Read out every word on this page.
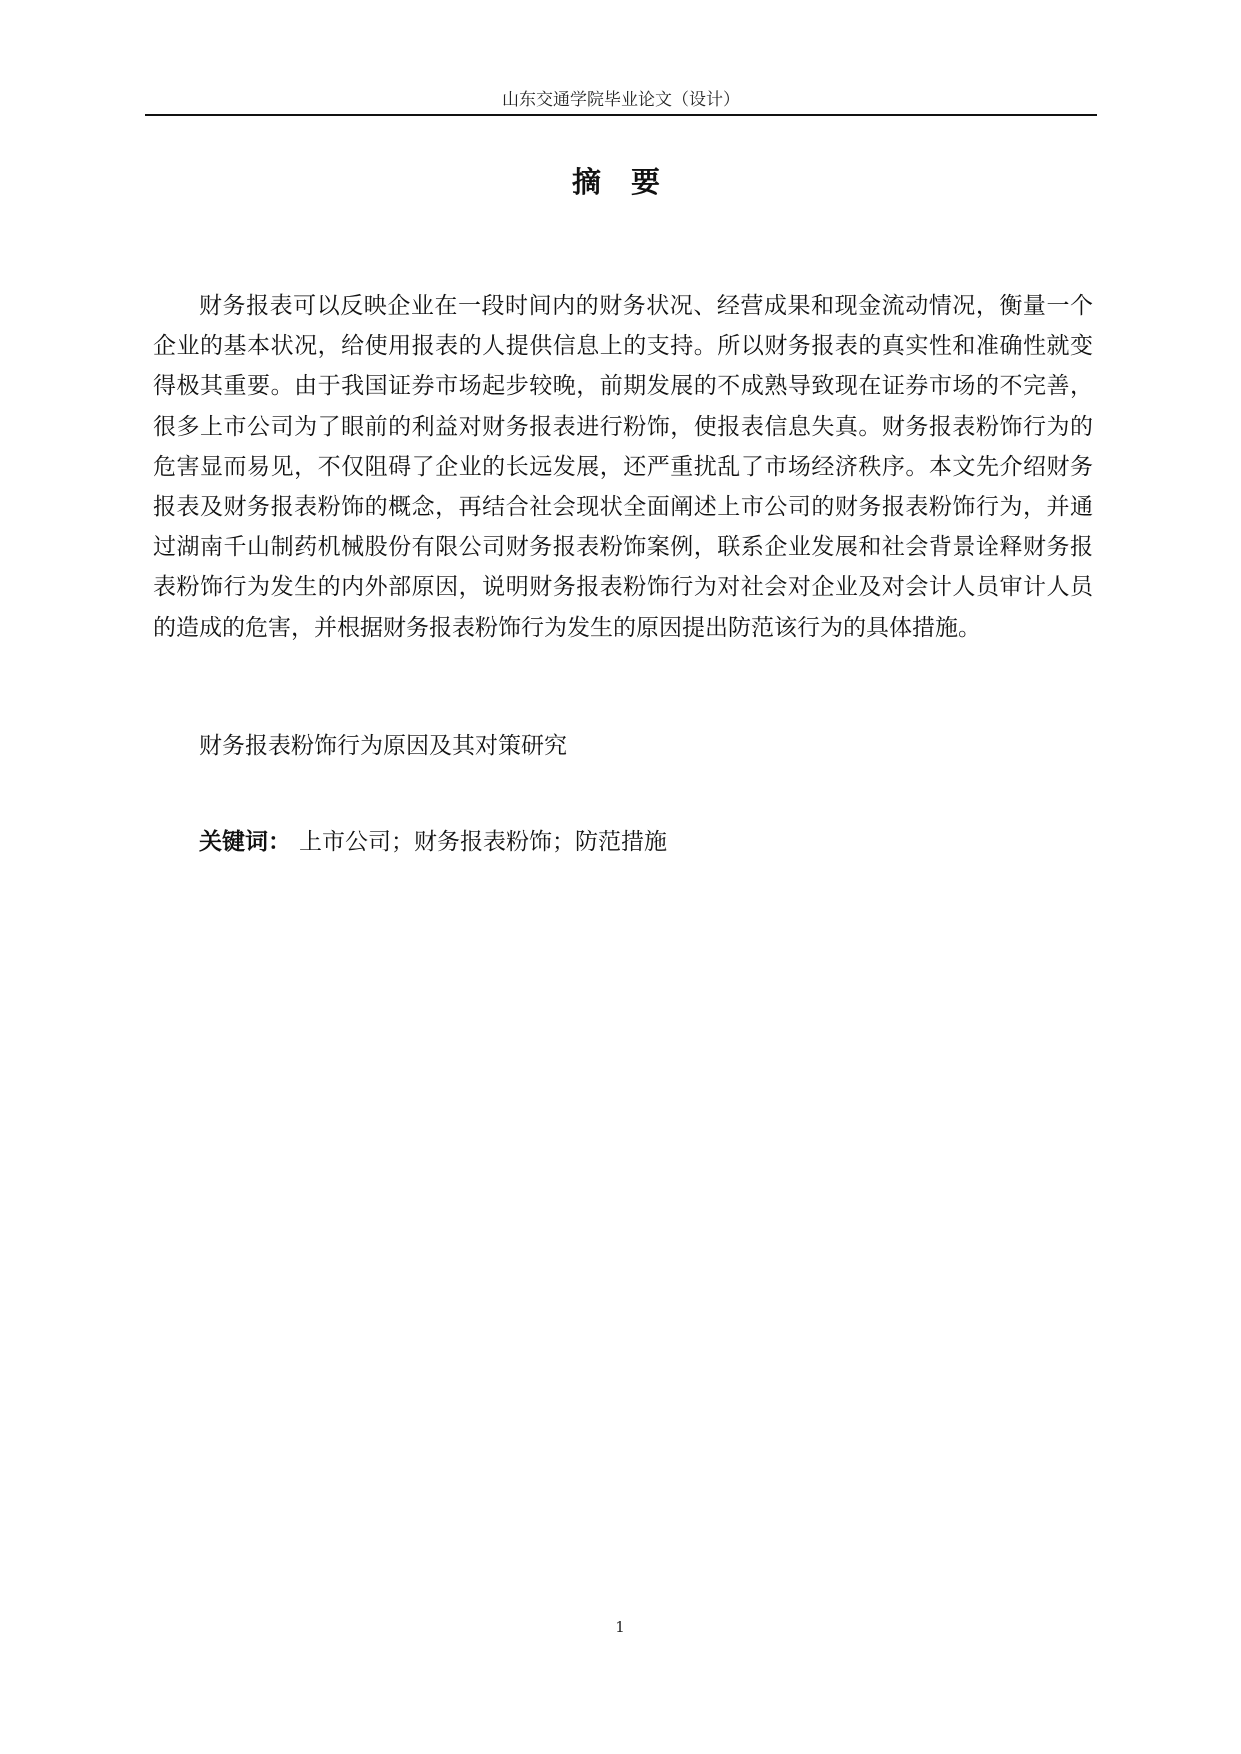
山东交通学院毕业论文（设计）
摘 要

财务报表可以反映企业在一段时间内的财务状况、经营成果和现金流动情况，衡量一个企业的基本状况，给使用报表的人提供信息上的支持。所以财务报表的真实性和准确性就变得极其重要。由于我国证券市场起步较晚，前期发展的不成熟导致现在证券市场的不完善，很多上市公司为了眼前的利益对财务报表进行粉饰，使报表信息失真。财务报表粉饰行为的危害显而易见，不仅阻碍了企业的长远发展，还严重扰乱了市场经济秩序。本文先介绍财务报表及财务报表粉饰的概念，再结合社会现状全面阐述上市公司的财务报表粉饰行为，并通过湖南千山制药机械股份有限公司财务报表粉饰案例，联系企业发展和社会背景诠释财务报表粉饰行为发生的内外部原因，说明财务报表粉饰行为对社会对企业及对会计人员审计人员的造成的危害，并根据财务报表粉饰行为发生的原因提出防范该行为的具体措施。

财务报表粉饰行为原因及其对策研究

关键词： 上市公司；财务报表粉饰；防范措施
1
